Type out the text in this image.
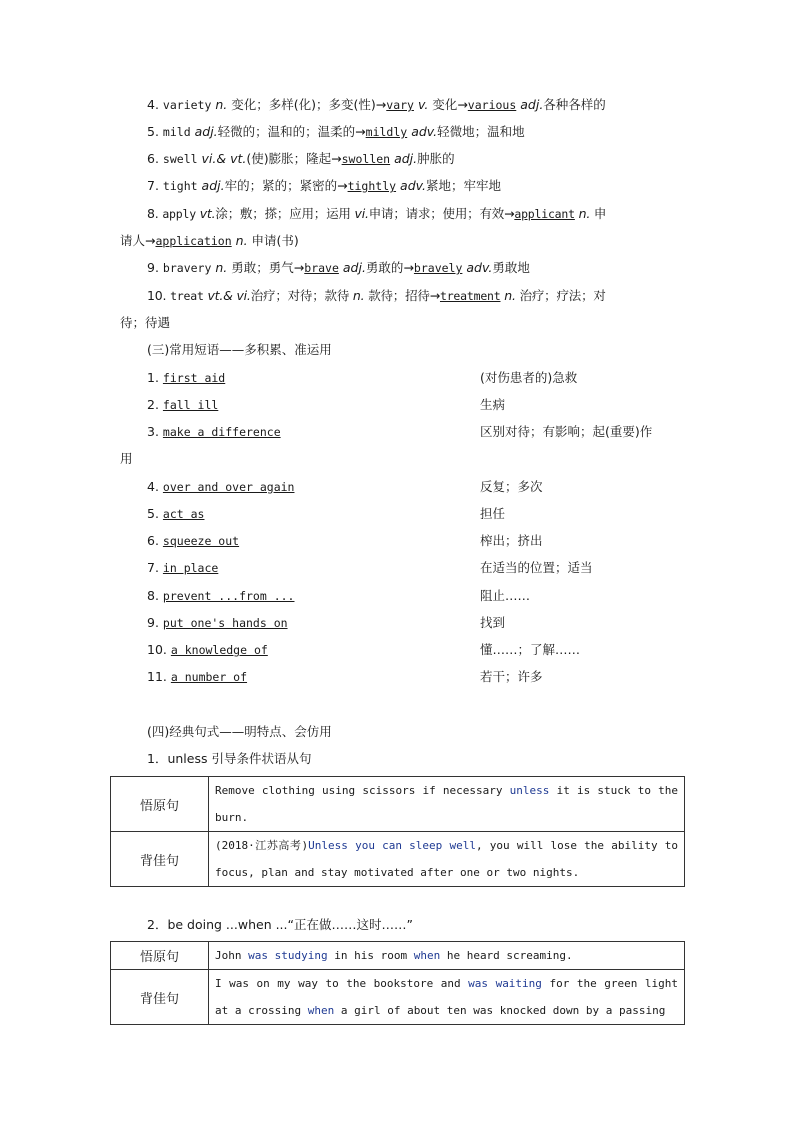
4. variety n. 变化；多样(化)；多变(性)→vary v. 变化→various adj.各种各样的
5. mild adj.轻微的；温和的；温柔的→mildly adv.轻微地；温和地
6. swell vi.& vt.(使)膨胀；隆起→swollen adj.肿胀的
7. tight adj.牢的；紧的；紧密的→tightly adv.紧地；牢牢地
8. apply vt.涂；敷；搽；应用；运用 vi.申请；请求；使用；有效→applicant n. 申
请人→application n. 申请(书)
9. bravery n. 勇敢；勇气→brave adj.勇敢的→bravely adv.勇敢地
10. treat vt.& vi.治疗；对待；款待 n. 款待；招待→treatment n. 治疗；疗法；对
待；待遇
(三)常用短语——多积累、准运用
1. first aid	(对伤患者的)急救
2. fall ill	生病
3. make a difference	区别对待；有影响；起(重要)作
用
4. over and over again	反复；多次
5. act as	担任
6. squeeze out	榨出；挤出
7. in place	在适当的位置；适当
8. prevent ...from ...	阻止……
9. put one's hands on	找到
10. a knowledge of	懂……；了解……
11. a number of	若干；许多
(四)经典句式——明特点、会仿用
1．unless 引导条件状语从句
悟原句	Remove clothing using scissors if necessary unless it is stuck to the burn.
背佳句	(2018·江苏高考)Unless you can sleep well, you will lose the ability to focus, plan and stay motivated after one or two nights.
2．be doing ...when ...“正在做……这时……”
悟原句	John was studying in his room when he heard screaming.
背佳句	I was on my way to the bookstore and was waiting for the green light at a crossing when a girl of about ten was knocked down by a passing
